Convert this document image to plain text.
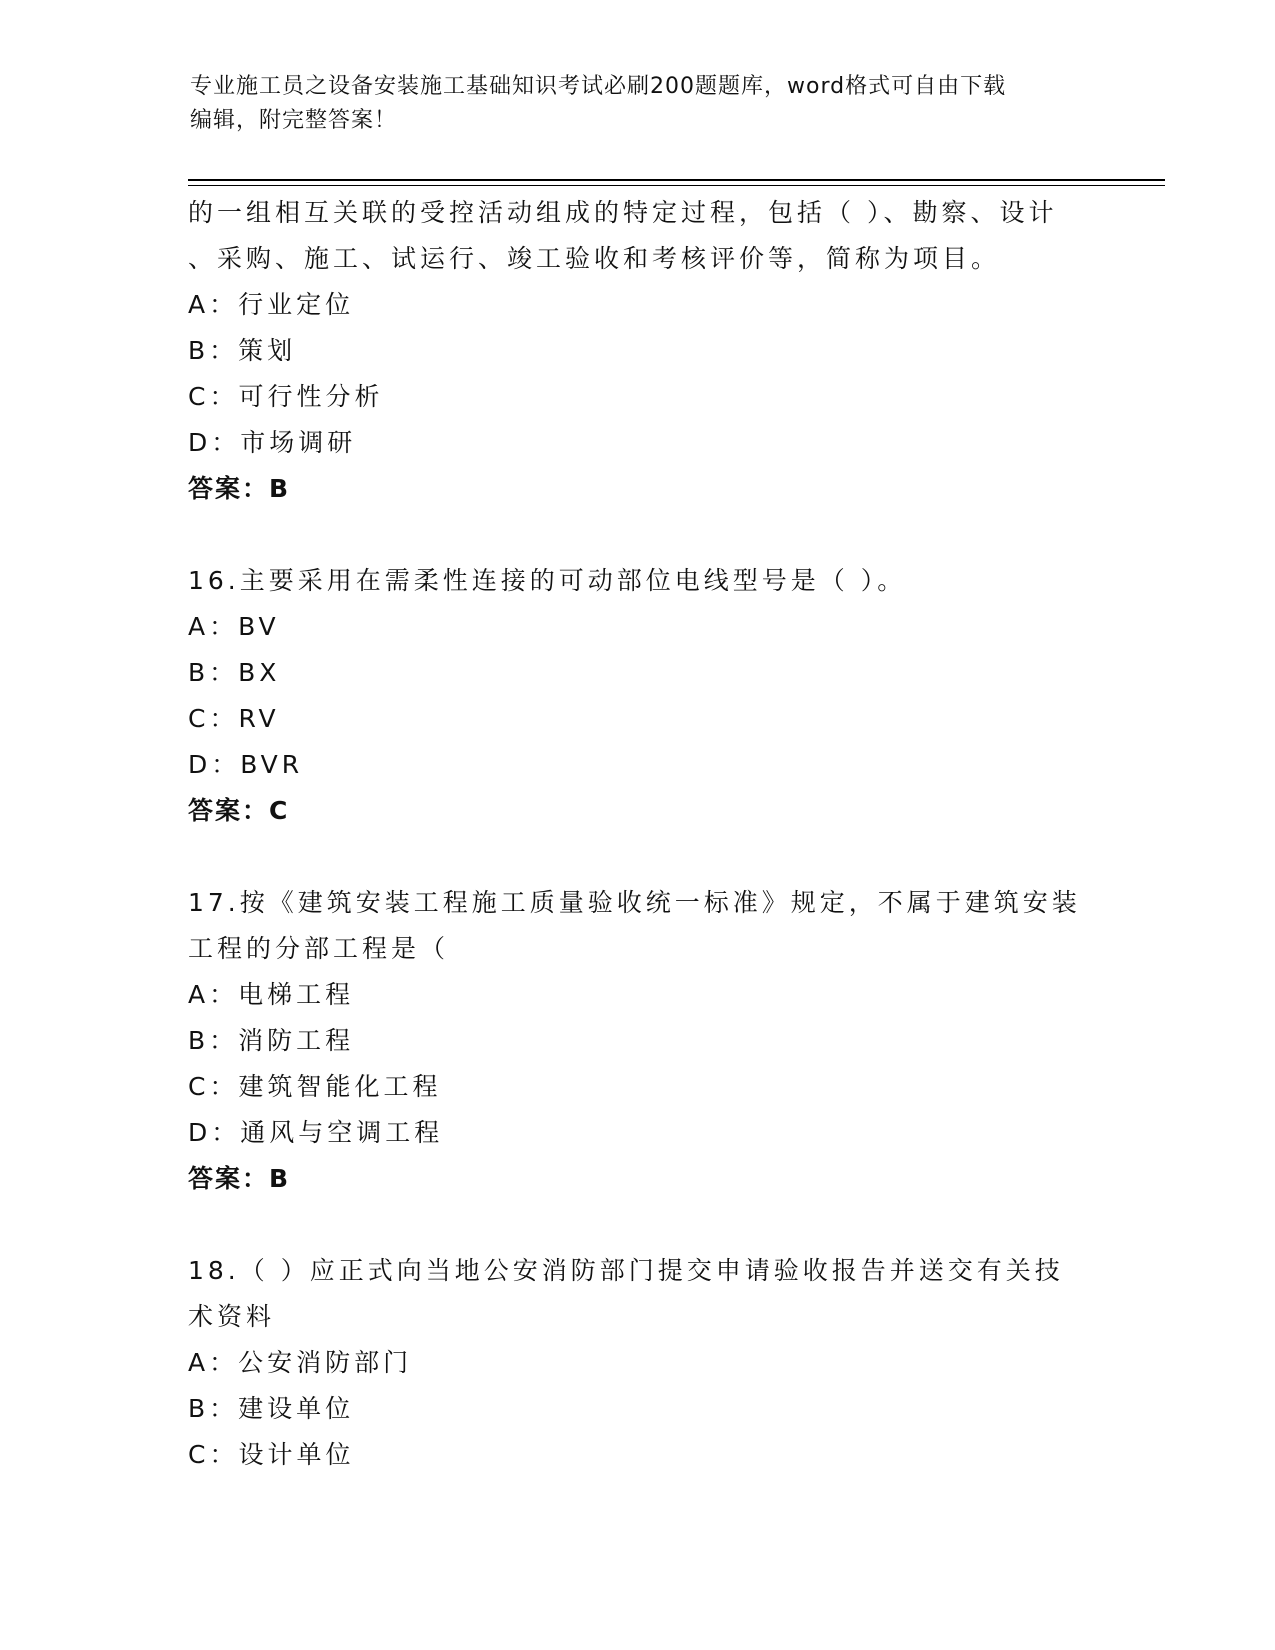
专业施工员之设备安装施工基础知识考试必刷200题题库，word格式可自由下载
编辑，附完整答案！
的一组相互关联的受控活动组成的特定过程，包括（ ）、勘察、设计
、采购、施工、试运行、竣工验收和考核评价等，简称为项目。
A：行业定位
B：策划
C：可行性分析
D：市场调研
答案：B
16.主要采用在需柔性连接的可动部位电线型号是（ ）。
A：BV
B：BX
C：RV
D：BVR
答案：C
17.按《建筑安装工程施工质量验收统一标准》规定，不属于建筑安装
工程的分部工程是（
A：电梯工程
B：消防工程
C：建筑智能化工程
D：通风与空调工程
答案：B
18.（ ）应正式向当地公安消防部门提交申请验收报告并送交有关技
术资料
A：公安消防部门
B：建设单位
C：设计单位
